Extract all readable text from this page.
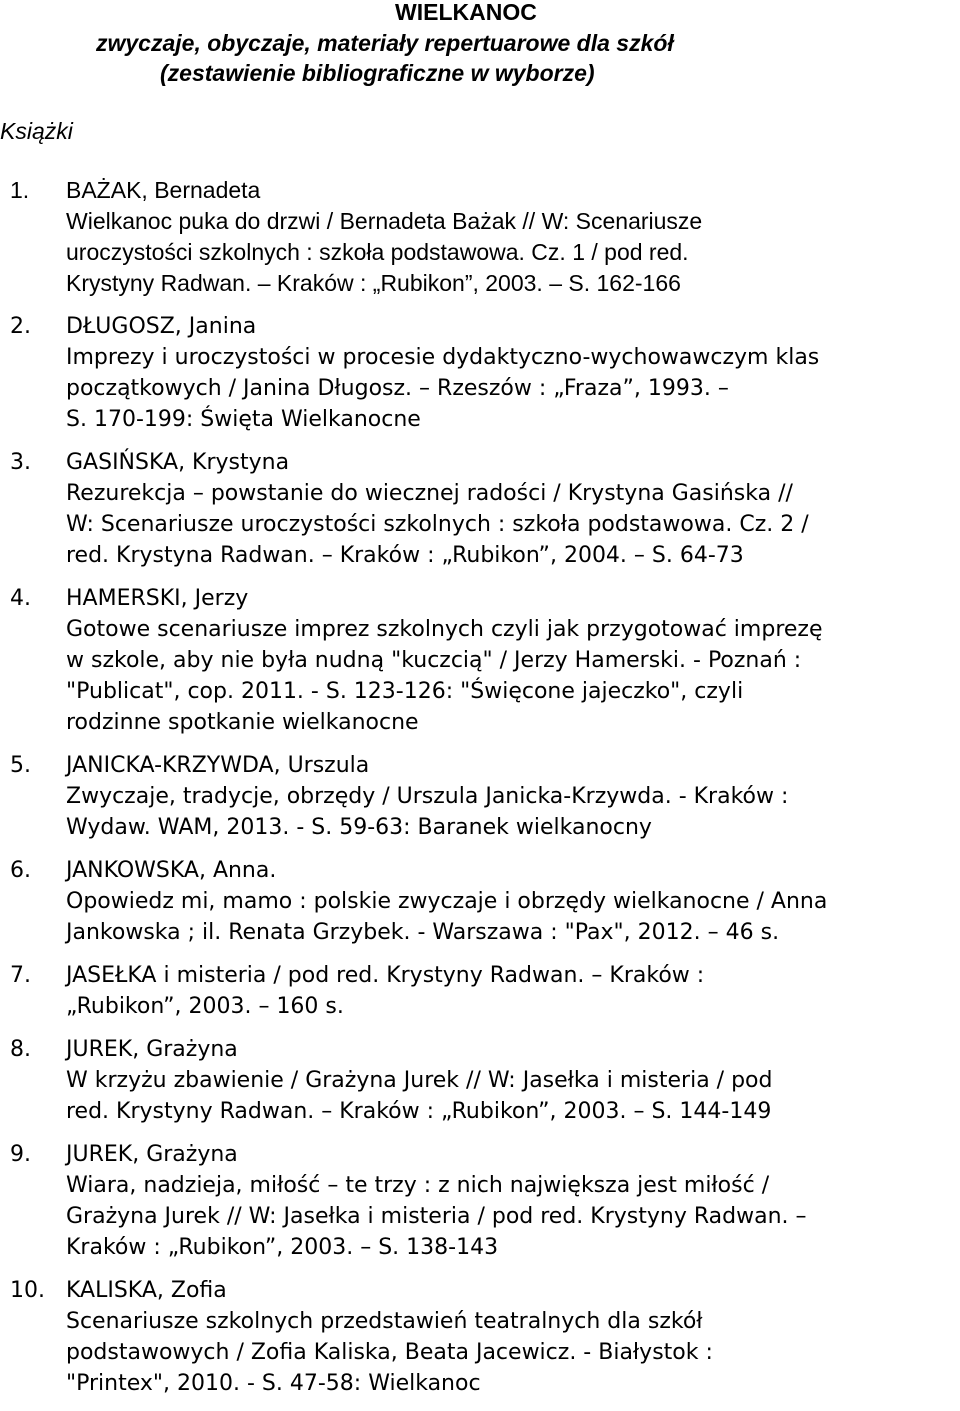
WIELKANOC
zwyczaje, obyczaje, materiały repertuarowe dla szkół
(zestawienie bibliograficzne w wyborze)
Książki
1. BAŻAK, Bernadeta
Wielkanoc puka do drzwi / Bernadeta Bażak // W: Scenariusze
uroczystości szkolnych : szkoła podstawowa. Cz. 1 / pod red.
Krystyny Radwan. – Kraków : „Rubikon”, 2003. – S. 162-166
2. DŁUGOSZ, Janina
Imprezy i uroczystości w procesie dydaktyczno-wychowawczym klas
początkowych / Janina Długosz. – Rzeszów : „Fraza”, 1993. –
S. 170-199: Święta Wielkanocne
3. GASIŃSKA, Krystyna
Rezurekcja – powstanie do wiecznej radości / Krystyna Gasińska //
W: Scenariusze uroczystości szkolnych : szkoła podstawowa. Cz. 2 /
red. Krystyna Radwan. – Kraków : „Rubikon”, 2004. – S. 64-73
4. HAMERSKI, Jerzy
Gotowe scenariusze imprez szkolnych czyli jak przygotować imprezę
w szkole, aby nie była nudną "kuczcią" / Jerzy Hamerski. - Poznań :
"Publicat", cop. 2011. - S. 123-126: "Święcone jajeczko", czyli
rodzinne spotkanie wielkanocne
5. JANICKA-KRZYWDA, Urszula
Zwyczaje, tradycje, obrzędy / Urszula Janicka-Krzywda. - Kraków :
Wydaw. WAM, 2013. - S. 59-63: Baranek wielkanocny
6. JANKOWSKA, Anna.
Opowiedz mi, mamo : polskie zwyczaje i obrzędy wielkanocne / Anna
Jankowska ; il. Renata Grzybek. - Warszawa : "Pax", 2012. – 46 s.
7. JASEŁKA i misteria / pod red. Krystyny Radwan. – Kraków :
„Rubikon”, 2003. – 160 s.
8. JUREK, Grażyna
W krzyżu zbawienie / Grażyna Jurek // W: Jasełka i misteria / pod
red. Krystyny Radwan. – Kraków : „Rubikon”, 2003. – S. 144-149
9. JUREK, Grażyna
Wiara, nadzieja, miłość – te trzy : z nich największa jest miłość /
Grażyna Jurek // W: Jasełka i misteria / pod red. Krystyny Radwan. –
Kraków : „Rubikon”, 2003. – S. 138-143
10. KALISKA, Zofia
Scenariusze szkolnych przedstawień teatralnych dla szkół
podstawowych / Zofia Kaliska, Beata Jacewicz. - Białystok :
"Printex", 2010. - S. 47-58: Wielkanoc
